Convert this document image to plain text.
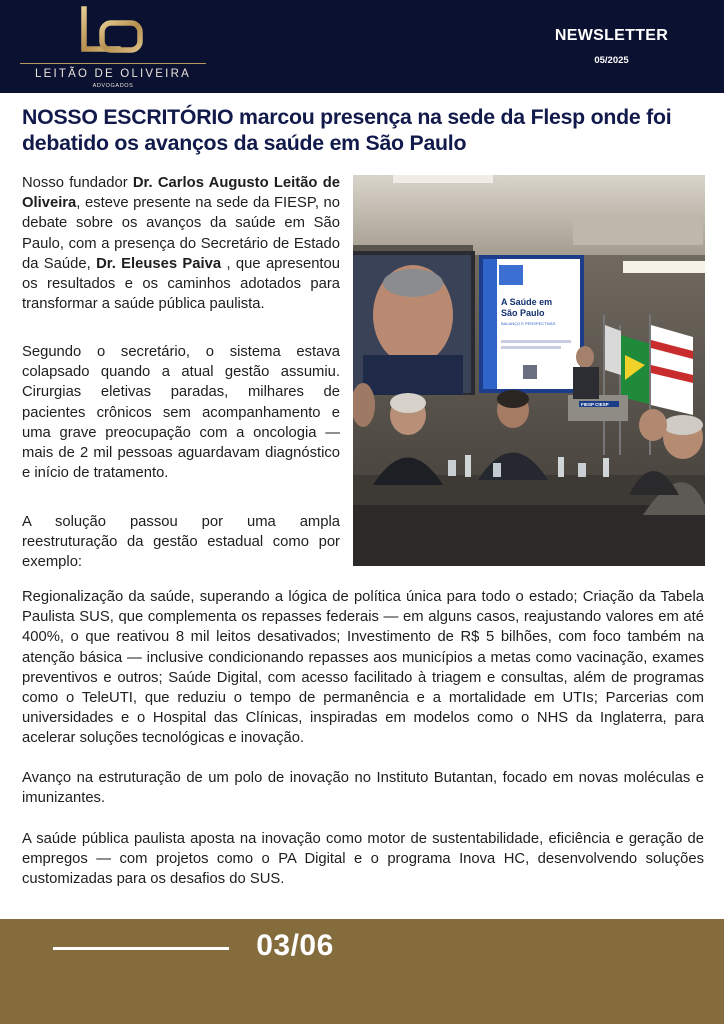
LEITÃO DE OLIVEIRA
ADVOGADOS
NEWSLETTER
05/2025
NOSSO ESCRITÓRIO marcou presença na sede da Flesp onde foi debatido os avanços da saúde em São Paulo

Nosso fundador Dr. Carlos Augusto Leitão de Oliveira, esteve presente na sede da FIESP, no debate sobre os avanços da saúde em São Paulo, com a presença do Secretário de Estado da Saúde, Dr. Eleuses Paiva , que apresentou os resultados e os caminhos adotados para transformar a saúde pública paulista.

Segundo o secretário, o sistema estava colapsado quando a atual gestão assumiu. Cirurgias eletivas paradas, milhares de pacientes crônicos sem acompanhamento e uma grave preocupação com a oncologia — mais de 2 mil pessoas aguardavam diagnóstico e início de tratamento.

A solução passou por uma ampla reestruturação da gestão estadual como por exemplo:

A Saúde em
São Paulo
BALANÇO E PERSPECTIVAS
FIESP CIESP

Regionalização da saúde, superando a lógica de política única para todo o estado; Criação da Tabela Paulista SUS, que complementa os repasses federais — em alguns casos, reajustando valores em até 400%, o que reativou 8 mil leitos desativados; Investimento de R$ 5 bilhões, com foco também na atenção básica — inclusive condicionando repasses aos municípios a metas como vacinação, exames preventivos e outros; Saúde Digital, com acesso facilitado à triagem e consultas, além de programas como o TeleUTI, que reduziu o tempo de permanência e a mortalidade em UTIs; Parcerias com universidades e o Hospital das Clínicas, inspiradas em modelos como o NHS da Inglaterra, para acelerar soluções tecnológicas e inovação.

Avanço na estruturação de um polo de inovação no Instituto Butantan, focado em novas moléculas e imunizantes.

A saúde pública paulista aposta na inovação como motor de sustentabilidade, eficiência e geração de empregos — com projetos como o PA Digital e o programa Inova HC, desenvolvendo soluções customizadas para os desafios do SUS.

03/06
